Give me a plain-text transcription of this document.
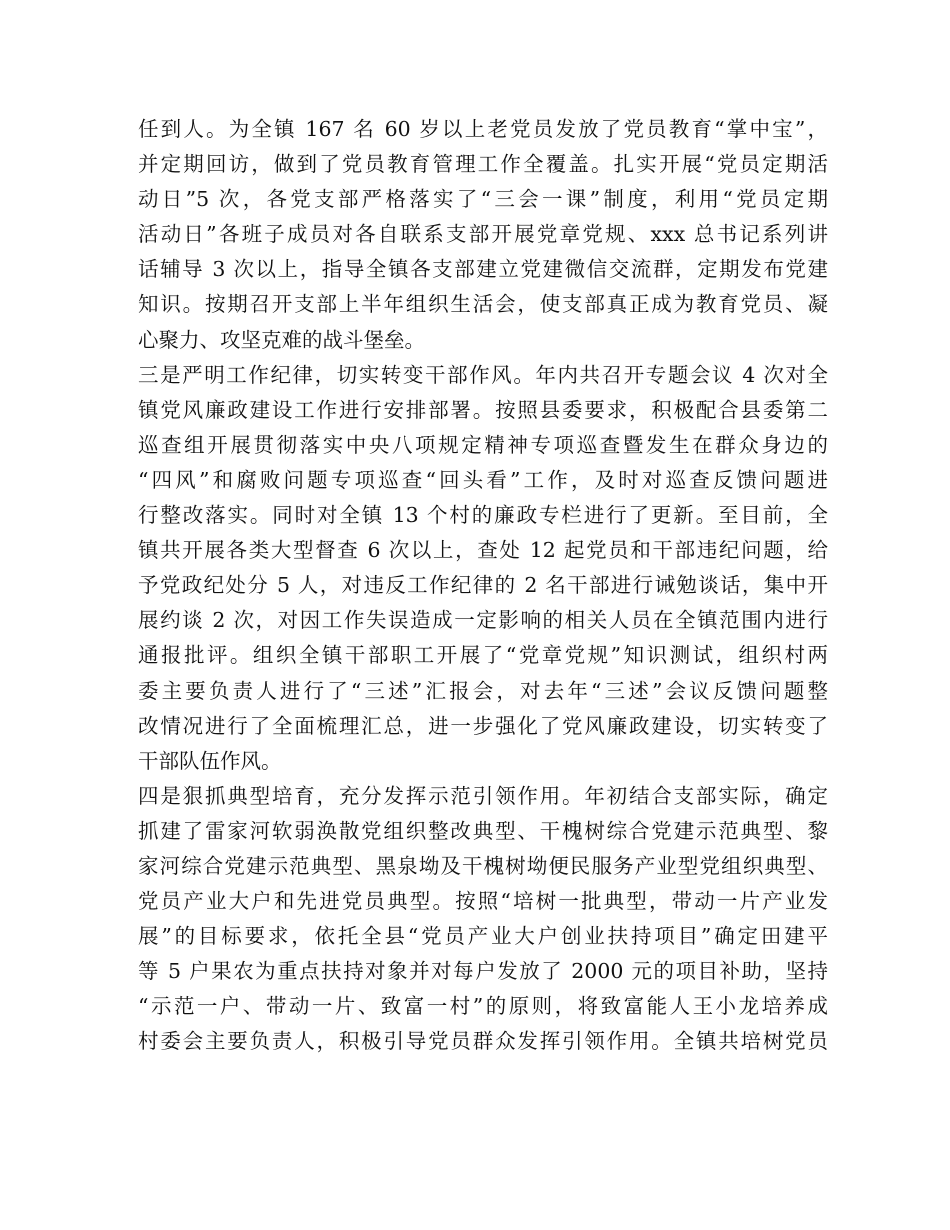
任到人。为全镇 167 名 60 岁以上老党员发放了党员教育“掌中宝”，
并定期回访，做到了党员教育管理工作全覆盖。扎实开展“党员定期活
动日”5 次，各党支部严格落实了“三会一课”制度，利用“党员定期
活动日”各班子成员对各自联系支部开展党章党规、xxx 总书记系列讲
话辅导 3 次以上，指导全镇各支部建立党建微信交流群，定期发布党建
知识。按期召开支部上半年组织生活会，使支部真正成为教育党员、凝
心聚力、攻坚克难的战斗堡垒。
三是严明工作纪律，切实转变干部作风。年内共召开专题会议 4 次对全
镇党风廉政建设工作进行安排部署。按照县委要求，积极配合县委第二
巡查组开展贯彻落实中央八项规定精神专项巡查暨发生在群众身边的
“四风”和腐败问题专项巡查“回头看”工作，及时对巡查反馈问题进
行整改落实。同时对全镇 13 个村的廉政专栏进行了更新。至目前，全
镇共开展各类大型督查 6 次以上，查处 12 起党员和干部违纪问题，给
予党政纪处分 5 人，对违反工作纪律的 2 名干部进行诫勉谈话，集中开
展约谈 2 次，对因工作失误造成一定影响的相关人员在全镇范围内进行
通报批评。组织全镇干部职工开展了“党章党规”知识测试，组织村两
委主要负责人进行了“三述”汇报会，对去年“三述”会议反馈问题整
改情况进行了全面梳理汇总，进一步强化了党风廉政建设，切实转变了
干部队伍作风。
四是狠抓典型培育，充分发挥示范引领作用。年初结合支部实际，确定
抓建了雷家河软弱涣散党组织整改典型、干槐树综合党建示范典型、黎
家河综合党建示范典型、黑泉坳及干槐树坳便民服务产业型党组织典型、
党员产业大户和先进党员典型。按照“培树一批典型，带动一片产业发
展”的目标要求，依托全县“党员产业大户创业扶持项目”确定田建平
等 5 户果农为重点扶持对象并对每户发放了 2000 元的项目补助，坚持
“示范一户、带动一片、致富一村”的原则，将致富能人王小龙培养成
村委会主要负责人，积极引导党员群众发挥引领作用。全镇共培树党员
